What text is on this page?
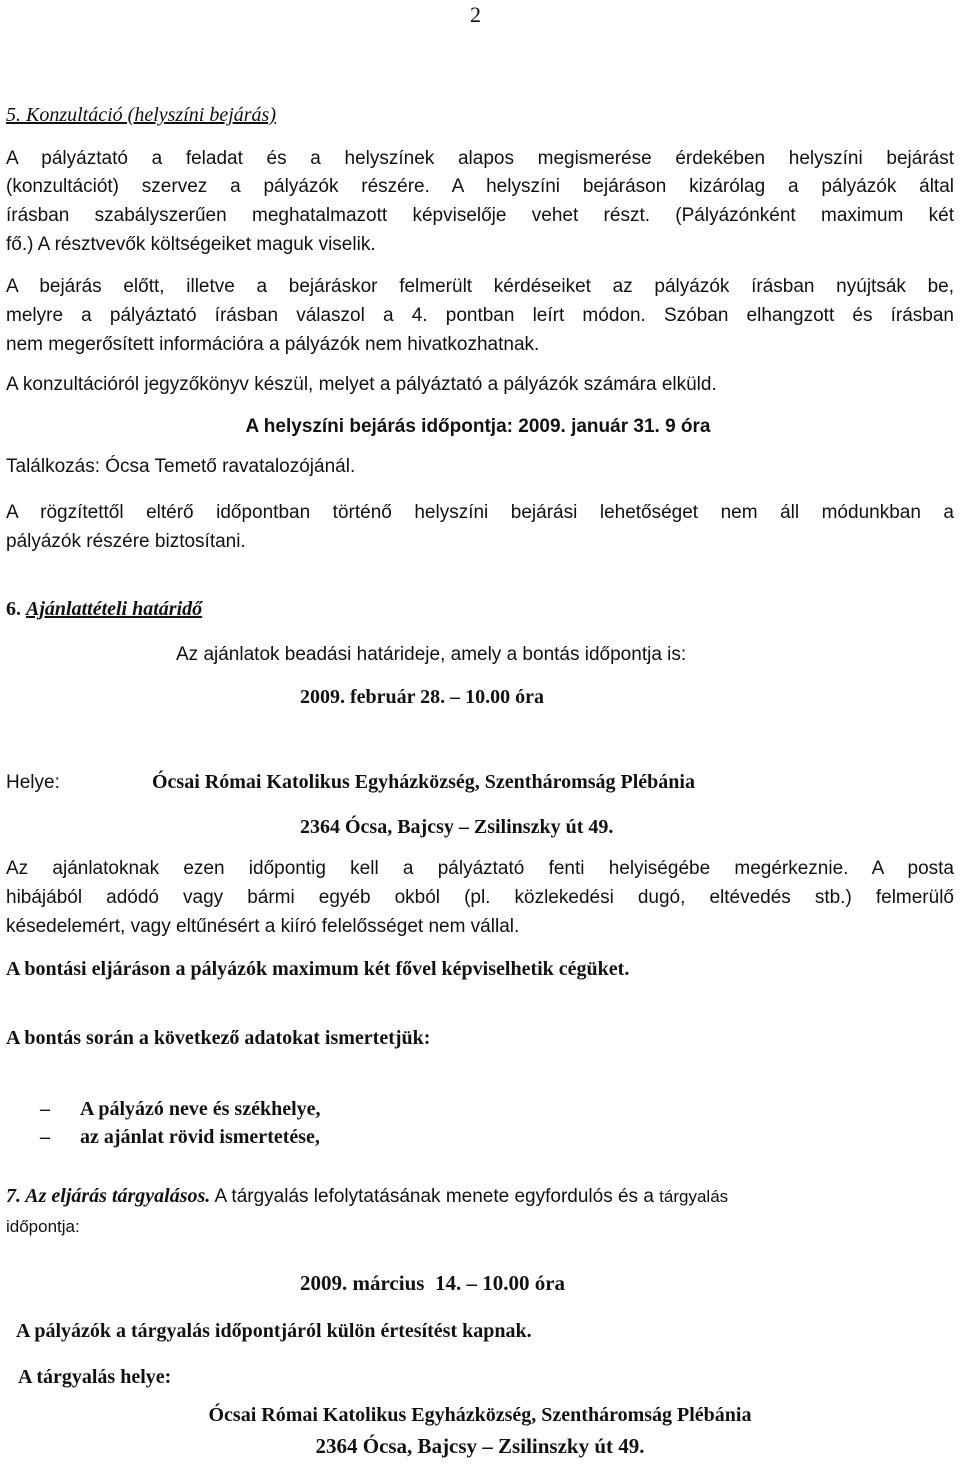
2
5. Konzultáció (helyszíni bejárás)
A pályáztató a feladat és a helyszínek alapos megismerése érdekében helyszíni bejárást
(konzultációt) szervez a pályázók részére. A helyszíni bejáráson kizárólag a pályázók által
írásban szabályszerűen meghatalmazott képviselője vehet részt. (Pályázónként maximum két
fő.) A résztvevők költségeiket maguk viselik.
A bejárás előtt, illetve a bejáráskor felmerült kérdéseiket az pályázók írásban nyújtsák be,
melyre a pályáztató írásban válaszol a 4. pontban leírt módon. Szóban elhangzott és írásban
nem megerősített információra a pályázók nem hivatkozhatnak.
A konzultációról jegyzőkönyv készül, melyet a pályáztató a pályázók számára elküld.
A helyszíni bejárás időpontja: 2009. január 31. 9 óra
Találkozás: Ócsa Temető ravatalozójánál.
A rögzítettől eltérő időpontban történő helyszíni bejárási lehetőséget nem áll módunkban a
pályázók részére biztosítani.
6. Ajánlattételi határidő
Az ajánlatok beadási határideje, amely a bontás időpontja is:
2009. február 28. – 10.00 óra
Helye:	Ócsai Római Katolikus Egyházközség, Szentháromság Plébánia
2364 Ócsa, Bajcsy – Zsilinszky út 49.
Az ajánlatoknak ezen időpontig kell a pályáztató fenti helyiségébe megérkeznie. A posta
hibájából adódó vagy bármi egyéb okból (pl. közlekedési dugó, eltévedés stb.) felmerülő
késedelemért, vagy eltűnésért a kiíró felelősséget nem vállal.
A bontási eljáráson a pályázók maximum két fővel képviselhetik cégüket.
A bontás során a következő adatokat ismertetjük:
– A pályázó neve és székhelye,
– az ajánlat rövid ismertetése,
7. Az eljárás tárgyalásos. A tárgyalás lefolytatásának menete egyfordulós és a tárgyalás
időpontja:
2009. március  14. – 10.00 óra
A pályázók a tárgyalás időpontjáról külön értesítést kapnak.
A tárgyalás helye:
Ócsai Római Katolikus Egyházközség, Szentháromság Plébánia
2364 Ócsa, Bajcsy – Zsilinszky út 49.
